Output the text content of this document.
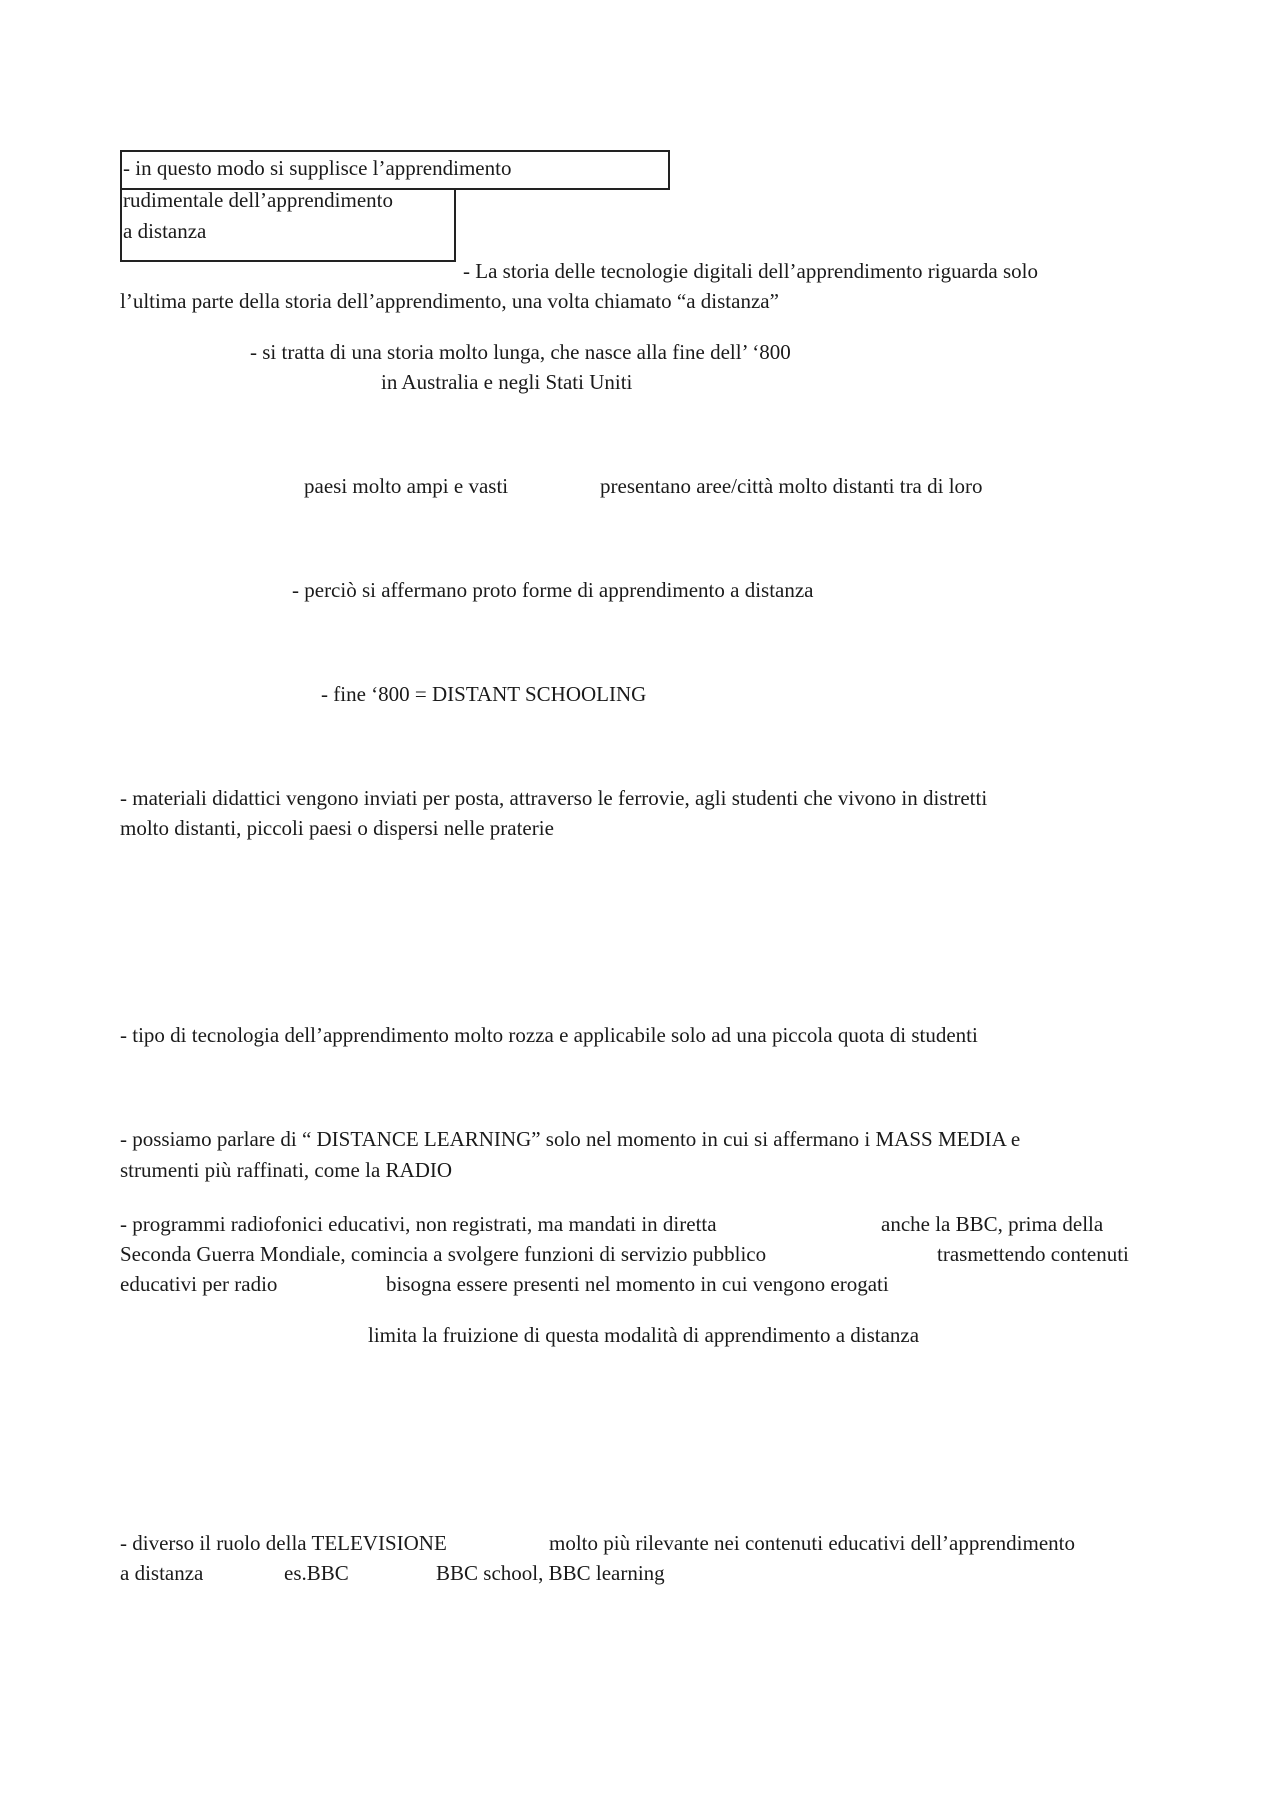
- in questo modo si supplisce l’apprendimento

rudimentale dell’apprendimento

a distanza

- La storia delle tecnologie digitali dell’apprendimento riguarda solo

l’ultima parte della storia dell’apprendimento, una volta chiamato “a distanza”

- si tratta di una storia molto lunga, che nasce alla fine dell’ ‘800

in Australia e negli Stati Uniti

paesi molto ampi e vasti	presentano aree/città molto distanti tra di loro

- perciò si affermano proto forme di apprendimento a distanza

- fine ‘800 = DISTANT SCHOOLING

- materiali didattici vengono inviati per posta, attraverso le ferrovie, agli studenti che vivono in distretti

molto distanti, piccoli paesi o dispersi nelle praterie

- tipo di tecnologia dell’apprendimento molto rozza e applicabile solo ad una piccola quota di studenti

- possiamo parlare di “ DISTANCE LEARNING” solo nel momento in cui si affermano i MASS MEDIA e

strumenti più raffinati, come la RADIO

- programmi radiofonici educativi, non registrati, ma mandati in diretta	anche la BBC, prima della

Seconda Guerra Mondiale, comincia a svolgere funzioni di servizio pubblico	trasmettendo contenuti

educativi per radio	bisogna essere presenti nel momento in cui vengono erogati

limita la fruizione di questa modalità di apprendimento a distanza

- diverso il ruolo della TELEVISIONE	molto più rilevante nei contenuti educativi dell’apprendimento

a distanza	es.BBC	BBC school, BBC learning
